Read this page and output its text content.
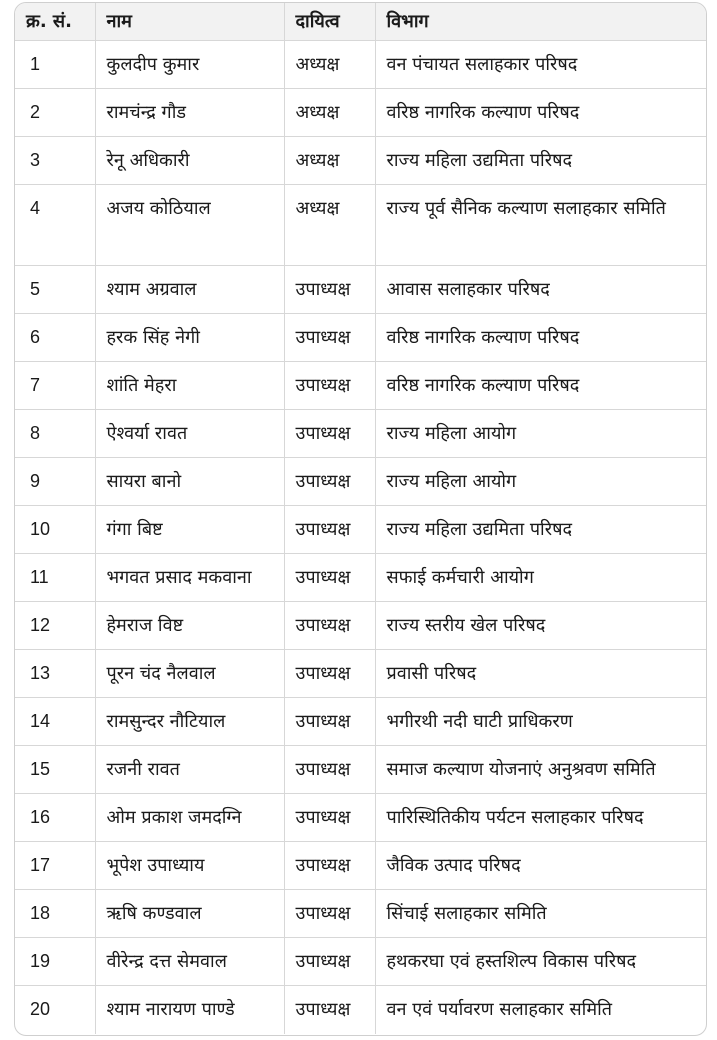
क्र. सं.	नाम	दायित्व	विभाग
1	कुलदीप कुमार	अध्यक्ष	वन पंचायत सलाहकार परिषद
2	रामचंन्द्र गौड	अध्यक्ष	वरिष्ठ नागरिक कल्याण परिषद
3	रेनू अधिकारी	अध्यक्ष	राज्य महिला उद्यमिता परिषद
4	अजय कोठियाल	अध्यक्ष	राज्य पूर्व सैनिक कल्याण सलाहकार समिति
5	श्याम अग्रवाल	उपाध्यक्ष	आवास सलाहकार परिषद
6	हरक सिंह नेगी	उपाध्यक्ष	वरिष्ठ नागरिक कल्याण परिषद
7	शांति मेहरा	उपाध्यक्ष	वरिष्ठ नागरिक कल्याण परिषद
8	ऐश्वर्या रावत	उपाध्यक्ष	राज्य महिला आयोग
9	सायरा बानो	उपाध्यक्ष	राज्य महिला आयोग
10	गंगा बिष्ट	उपाध्यक्ष	राज्य महिला उद्यमिता परिषद
11	भगवत प्रसाद मकवाना	उपाध्यक्ष	सफाई कर्मचारी आयोग
12	हेमराज विष्ट	उपाध्यक्ष	राज्य स्तरीय खेल परिषद
13	पूरन चंद नैलवाल	उपाध्यक्ष	प्रवासी परिषद
14	रामसुन्दर नौटियाल	उपाध्यक्ष	भगीरथी नदी घाटी प्राधिकरण
15	रजनी रावत	उपाध्यक्ष	समाज कल्याण योजनाएं अनुश्रवण समिति
16	ओम प्रकाश जमदग्नि	उपाध्यक्ष	पारिस्थितिकीय पर्यटन सलाहकार परिषद
17	भूपेश उपाध्याय	उपाध्यक्ष	जैविक उत्पाद परिषद
18	ऋषि कण्डवाल	उपाध्यक्ष	सिंचाई सलाहकार समिति
19	वीरेन्द्र दत्त सेमवाल	उपाध्यक्ष	हथकरघा एवं हस्तशिल्प विकास परिषद
20	श्याम नारायण पाण्डे	उपाध्यक्ष	वन एवं पर्यावरण सलाहकार समिति
